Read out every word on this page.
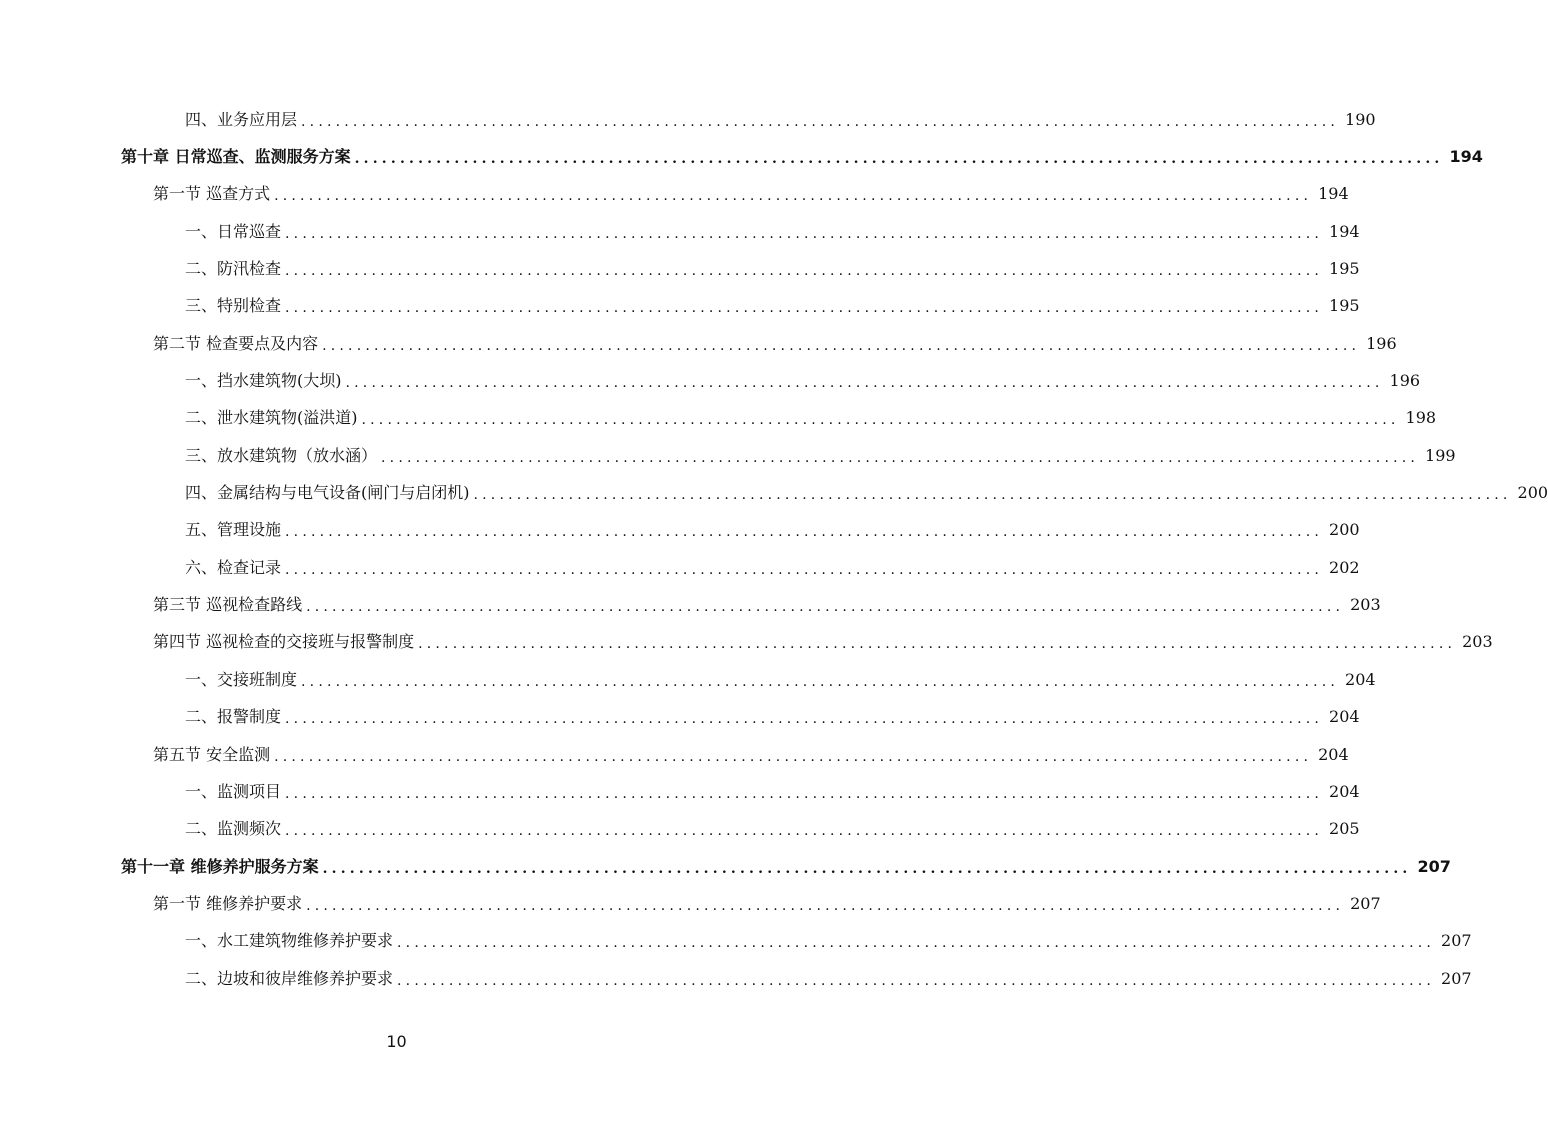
四、业务应用层 ........................................................................................................................ 190
第十章 日常巡查、监测服务方案 ........................................................................................................................ 194
第一节 巡查方式 ........................................................................................................................ 194
一、日常巡查 ........................................................................................................................ 194
二、防汛检查 ........................................................................................................................ 195
三、特别检查 ........................................................................................................................ 195
第二节 检查要点及内容 ........................................................................................................................ 196
一、挡水建筑物(大坝) ........................................................................................................................ 196
二、泄水建筑物(溢洪道) ........................................................................................................................ 198
三、放水建筑物（放水涵） ........................................................................................................................ 199
四、金属结构与电气设备(闸门与启闭机) ........................................................................................................................ 200
五、管理设施 ........................................................................................................................ 200
六、检查记录 ........................................................................................................................ 202
第三节 巡视检查路线 ........................................................................................................................ 203
第四节 巡视检查的交接班与报警制度 ........................................................................................................................ 203
一、交接班制度 ........................................................................................................................ 204
二、报警制度 ........................................................................................................................ 204
第五节 安全监测 ........................................................................................................................ 204
一、监测项目 ........................................................................................................................ 204
二、监测频次 ........................................................................................................................ 205
第十一章 维修养护服务方案 ........................................................................................................................ 207
第一节 维修养护要求 ........................................................................................................................ 207
一、水工建筑物维修养护要求 ........................................................................................................................ 207
二、边坡和彼岸维修养护要求 ........................................................................................................................ 207
10
